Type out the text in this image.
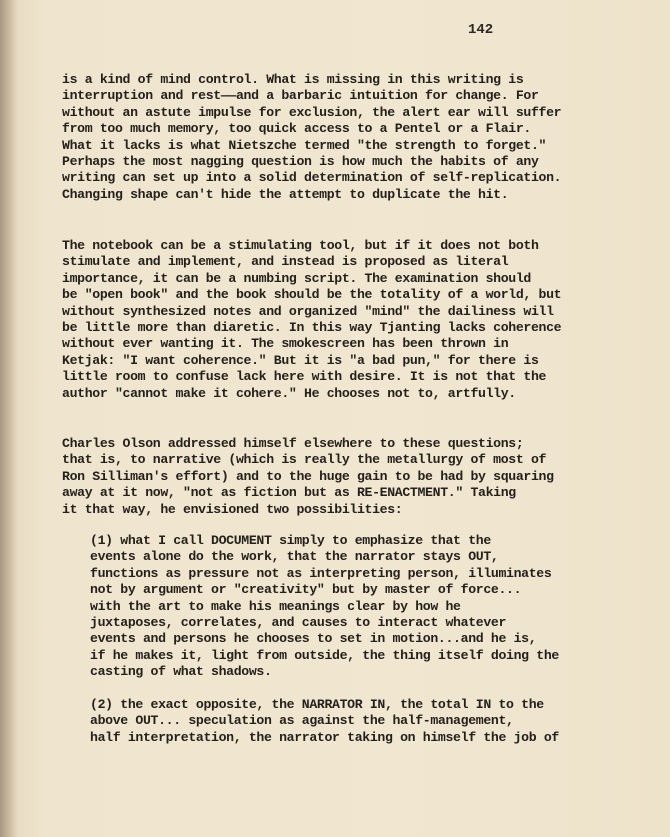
142
is a kind of mind control. What is missing in this writing is
interruption and rest——and a barbaric intuition for change. For
without an astute impulse for exclusion, the alert ear will suffer
from too much memory, too quick access to a Pentel or a Flair.
What it lacks is what Nietszche termed "the strength to forget."
Perhaps the most nagging question is how much the habits of any
writing can set up into a solid determination of self-replication.
Changing shape can't hide the attempt to duplicate the hit.
The notebook can be a stimulating tool, but if it does not both
stimulate and implement, and instead is proposed as literal
importance, it can be a numbing script. The examination should
be "open book" and the book should be the totality of a world, but
without synthesized notes and organized "mind" the dailiness will
be little more than diaretic. In this way Tjanting lacks coherence
without ever wanting it. The smokescreen has been thrown in
Ketjak: "I want coherence." But it is "a bad pun," for there is
little room to confuse lack here with desire. It is not that the
author "cannot make it cohere." He chooses not to, artfully.
Charles Olson addressed himself elsewhere to these questions;
that is, to narrative (which is really the metallurgy of most of
Ron Silliman's effort) and to the huge gain to be had by squaring
away at it now, "not as fiction but as RE-ENACTMENT." Taking
it that way, he envisioned two possibilities:
(1) what I call DOCUMENT simply to emphasize that the
events alone do the work, that the narrator stays OUT,
functions as pressure not as interpreting person, illuminates
not by argument or "creativity" but by master of force...
with the art to make his meanings clear by how he
juxtaposes, correlates, and causes to interact whatever
events and persons he chooses to set in motion...and he is,
if he makes it, light from outside, the thing itself doing the
casting of what shadows.
(2) the exact opposite, the NARRATOR IN, the total IN to the
above OUT... speculation as against the half-management,
half interpretation, the narrator taking on himself the job of
